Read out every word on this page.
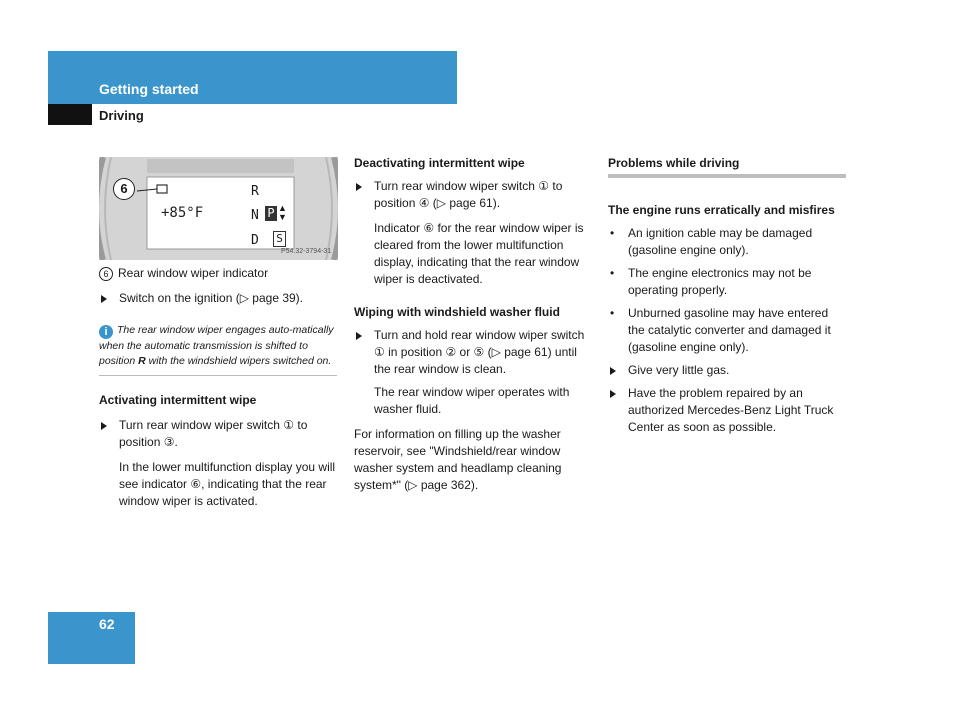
Getting started
Driving
6
+85°F
R
N P ▲
▼
D S
P54.32-3794-31

6 Rear window wiper indicator

Switch on the ignition (▷ page 39).
i The rear window wiper engages auto-matically when the automatic transmission is shifted to position R with the windshield wipers switched on.

Activating intermittent wipe

Turn rear window wiper switch ① to position ③.

In the lower multifunction display you will see indicator ⑥, indicating that the rear window wiper is activated.

Deactivating intermittent wipe

Turn rear window wiper switch ① to position ④ (▷ page 61).

Indicator ⑥ for the rear window wiper is cleared from the lower multifunction display, indicating that the rear window wiper is deactivated.

Wiping with windshield washer fluid

Turn and hold rear window wiper switch ① in position ② or ⑤ (▷ page 61) until the rear window is clean.

The rear window wiper operates with washer fluid.

For information on filling up the washer reservoir, see "Windshield/rear window washer system and headlamp cleaning system*" (▷ page 362).

Problems while driving

The engine runs erratically and misfires

• An ignition cable may be damaged (gasoline engine only).
• The engine electronics may not be operating properly.
• Unburned gasoline may have entered the catalytic converter and damaged it (gasoline engine only).
Give very little gas.
Have the problem repaired by an authorized Mercedes-Benz Light Truck Center as soon as possible.
62
